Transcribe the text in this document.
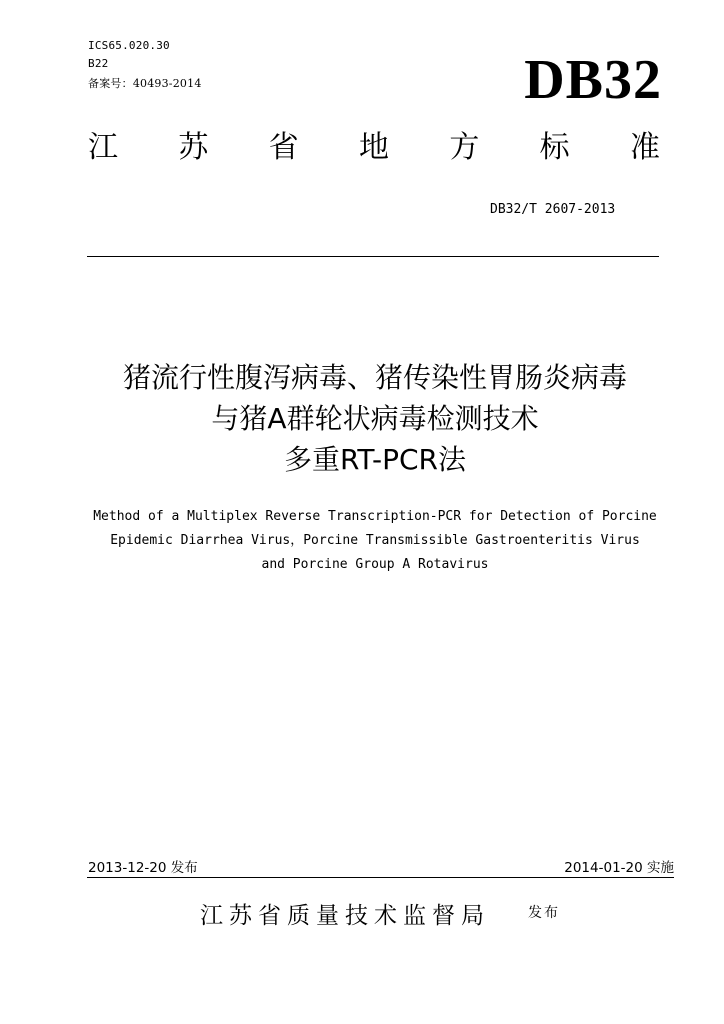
ICS65.020.30
B22
备案号：40493-2014	DB32
江 苏 省 地 方 标 准
DB32/T 2607-2013
猪流行性腹泻病毒、猪传染性胃肠炎病毒
与猪A群轮状病毒检测技术
多重RT-PCR法
Method of a Multiplex Reverse Transcription-PCR for Detection of Porcine
Epidemic Diarrhea Virus，Porcine Transmissible Gastroenteritis Virus
and Porcine Group A Rotavirus
2013-12-20 发布	2014-01-20 实施
江苏省质量技术监督局	发布
